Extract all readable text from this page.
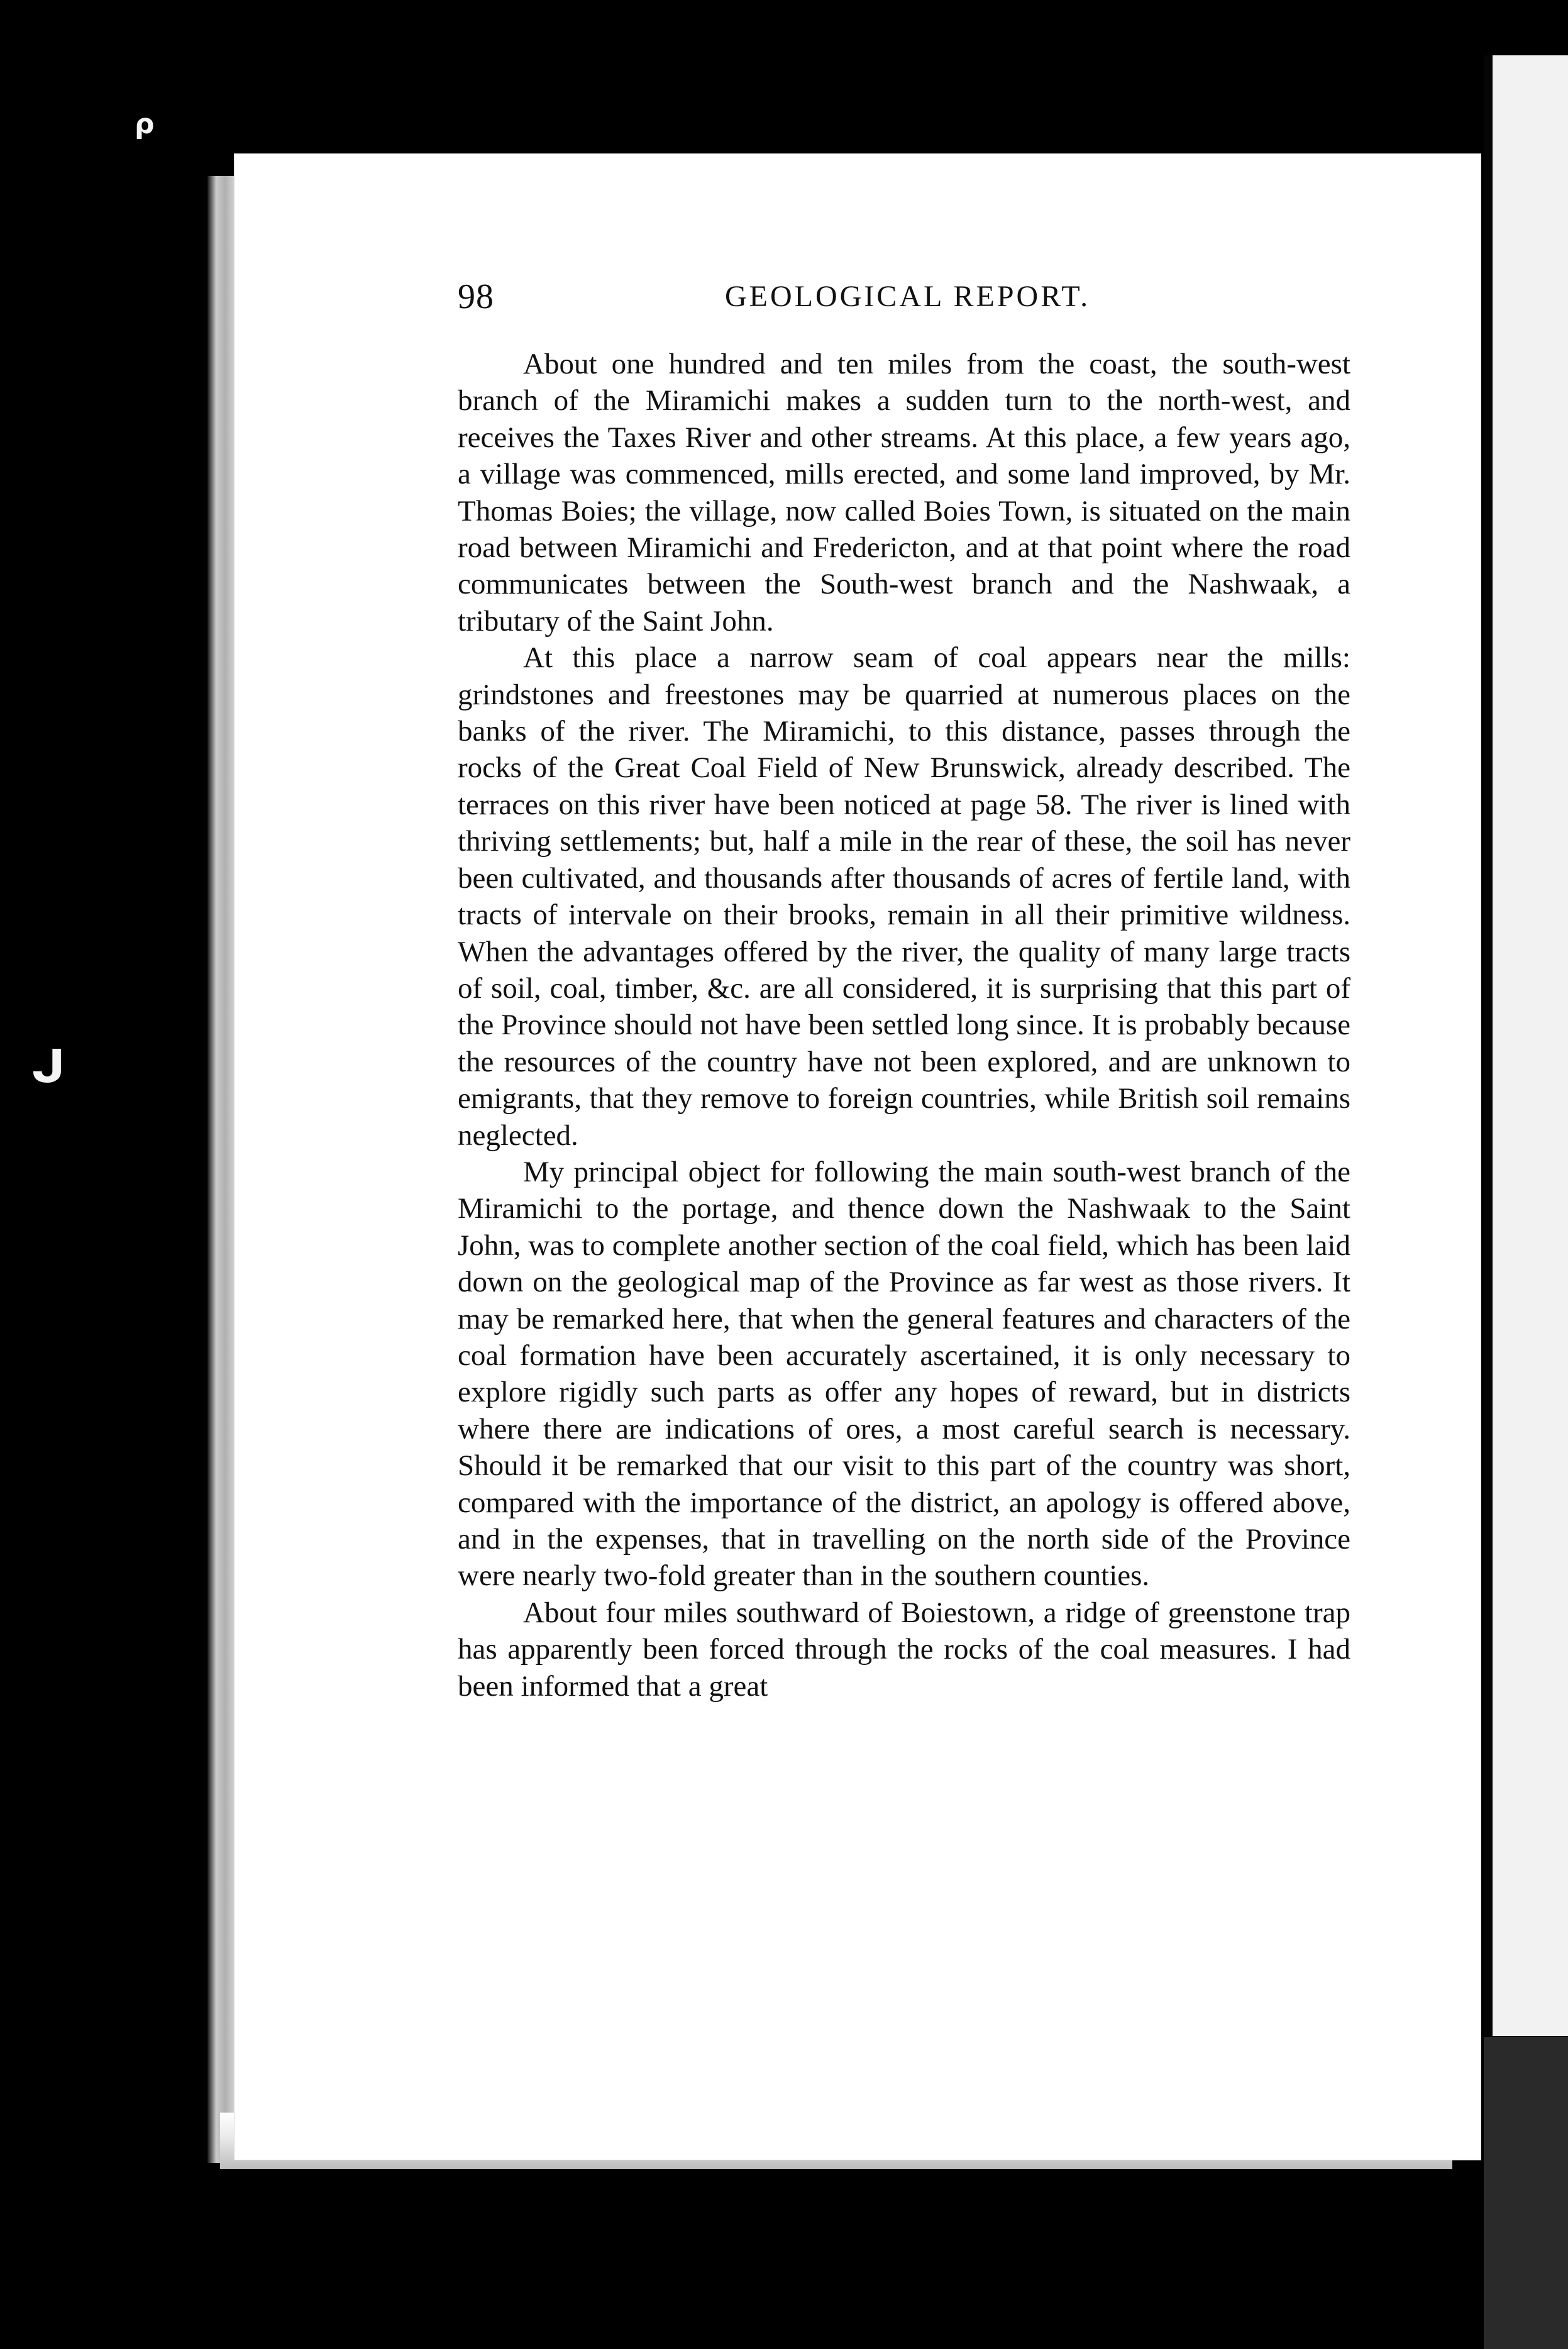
ρ
ᒍ
98	GEOLOGICAL REPORT.

About one hundred and ten miles from the coast, the south-west branch of the Miramichi makes a sudden turn to the north-west, and receives the Taxes River and other streams. At this place, a few years ago, a village was commenced, mills erected, and some land improved, by Mr. Thomas Boies; the village, now called Boies Town, is situated on the main road between Miramichi and Fredericton, and at that point where the road communicates between the South-west branch and the Nashwaak, a tributary of the Saint John.

At this place a narrow seam of coal appears near the mills: grindstones and freestones may be quarried at numerous places on the banks of the river. The Miramichi, to this distance, passes through the rocks of the Great Coal Field of New Brunswick, already described. The terraces on this river have been noticed at page 58. The river is lined with thriving settlements; but, half a mile in the rear of these, the soil has never been cultivated, and thousands after thousands of acres of fertile land, with tracts of intervale on their brooks, remain in all their primitive wildness. When the advantages offered by the river, the quality of many large tracts of soil, coal, timber, &c. are all considered, it is surprising that this part of the Province should not have been settled long since. It is probably because the resources of the country have not been explored, and are unknown to emigrants, that they remove to foreign countries, while British soil remains neglected.

My principal object for following the main south-west branch of the Miramichi to the portage, and thence down the Nashwaak to the Saint John, was to complete another section of the coal field, which has been laid down on the geological map of the Province as far west as those rivers. It may be remarked here, that when the general features and characters of the coal formation have been accurately ascertained, it is only necessary to explore rigidly such parts as offer any hopes of reward, but in districts where there are indications of ores, a most careful search is necessary. Should it be remarked that our visit to this part of the country was short, compared with the importance of the district, an apology is offered above, and in the expenses, that in travelling on the north side of the Province were nearly two-fold greater than in the southern counties.

About four miles southward of Boiestown, a ridge of greenstone trap has apparently been forced through the rocks of the coal measures. I had been informed that a great
